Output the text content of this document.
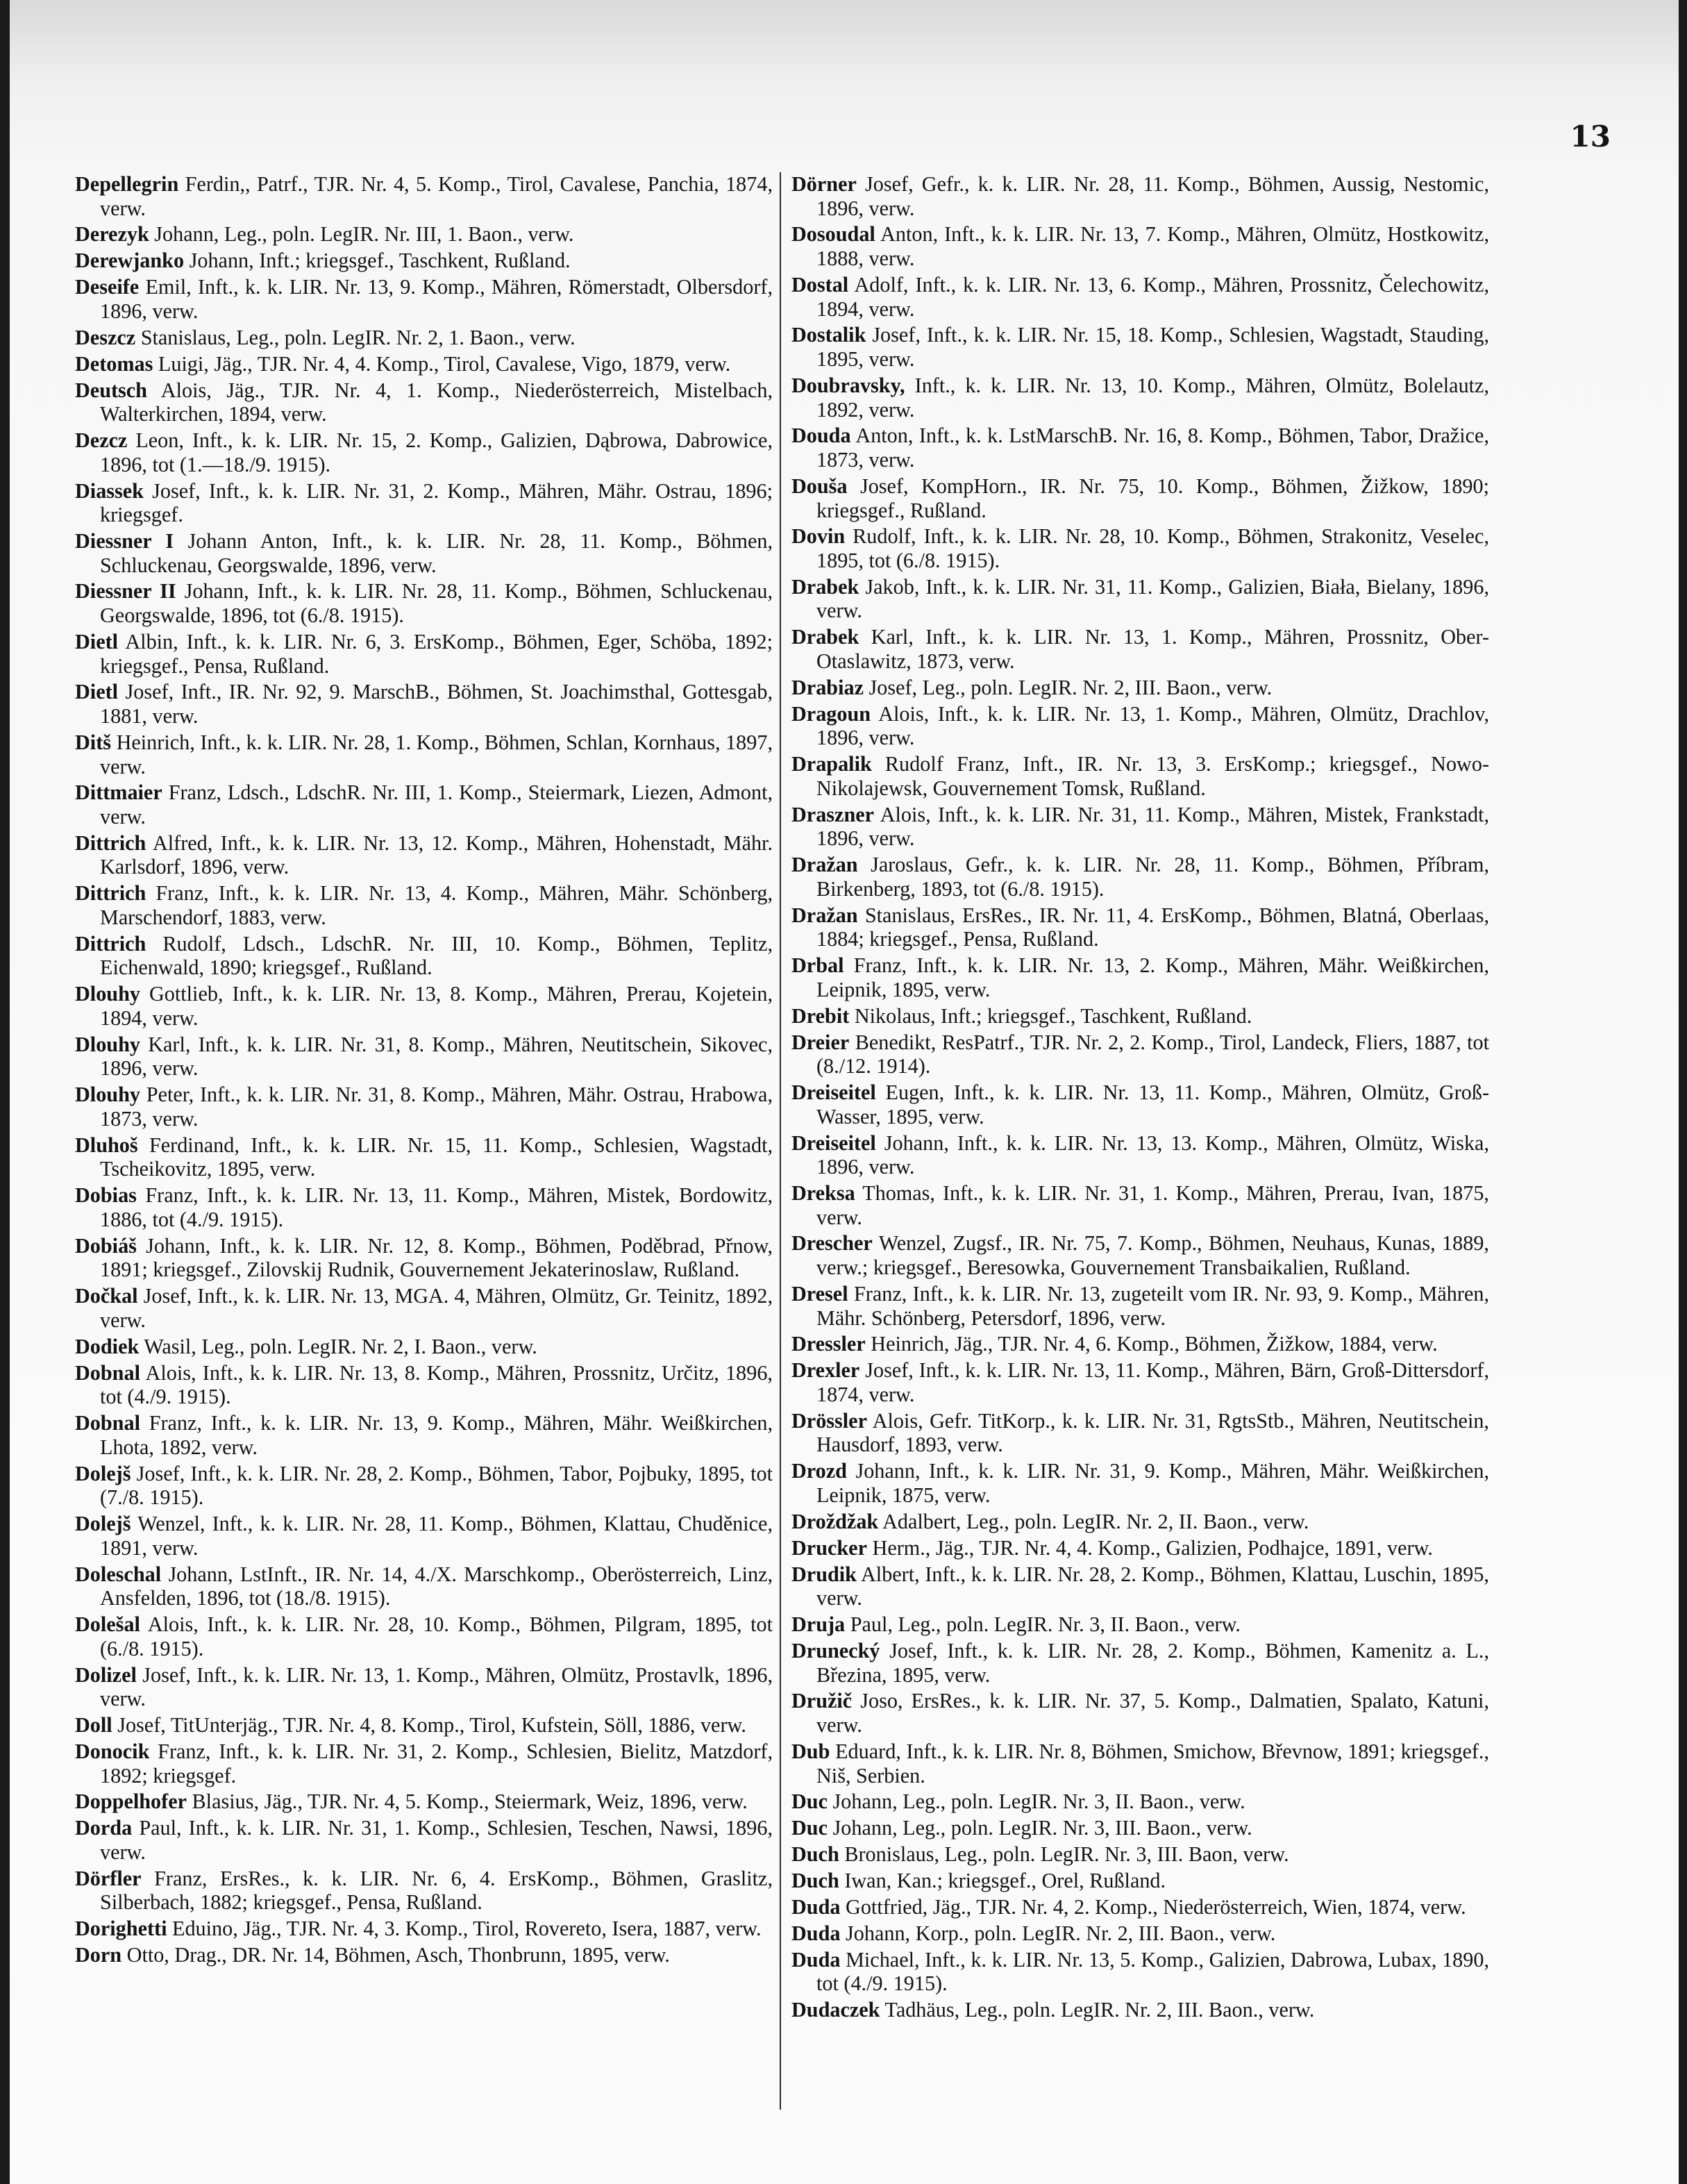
13

Depellegrin Ferdin,, Patrf., TJR. Nr. 4, 5. Komp., Tirol, Cavalese, Panchia, 1874, verw.

Derezyk Johann, Leg., poln. LegIR. Nr. III, 1. Baon., verw.

Derewjanko Johann, Inft.; kriegsgef., Taschkent, Rußland.

Deseife Emil, Inft., k. k. LIR. Nr. 13, 9. Komp., Mähren, Römerstadt, Olbersdorf, 1896, verw.

Deszcz Stanislaus, Leg., poln. LegIR. Nr. 2, 1. Baon., verw.

Detomas Luigi, Jäg., TJR. Nr. 4, 4. Komp., Tirol, Cavalese, Vigo, 1879, verw.

Deutsch Alois, Jäg., TJR. Nr. 4, 1. Komp., Niederösterreich, Mistelbach, Walterkirchen, 1894, verw.

Dezcz Leon, Inft., k. k. LIR. Nr. 15, 2. Komp., Galizien, Dąbrowa, Dabrowice, 1896, tot (1.—18./9. 1915).

Diassek Josef, Inft., k. k. LIR. Nr. 31, 2. Komp., Mähren, Mähr. Ostrau, 1896; kriegsgef.

Diessner I Johann Anton, Inft., k. k. LIR. Nr. 28, 11. Komp., Böhmen, Schluckenau, Georgswalde, 1896, verw.

Diessner II Johann, Inft., k. k. LIR. Nr. 28, 11. Komp., Böhmen, Schluckenau, Georgswalde, 1896, tot (6./8. 1915).

Dietl Albin, Inft., k. k. LIR. Nr. 6, 3. ErsKomp., Böhmen, Eger, Schöba, 1892; kriegsgef., Pensa, Rußland.

Dietl Josef, Inft., IR. Nr. 92, 9. MarschB., Böhmen, St. Joachimsthal, Gottesgab, 1881, verw.

Ditš Heinrich, Inft., k. k. LIR. Nr. 28, 1. Komp., Böhmen, Schlan, Kornhaus, 1897, verw.

Dittmaier Franz, Ldsch., LdschR. Nr. III, 1. Komp., Steiermark, Liezen, Admont, verw.

Dittrich Alfred, Inft., k. k. LIR. Nr. 13, 12. Komp., Mähren, Hohenstadt, Mähr. Karlsdorf, 1896, verw.

Dittrich Franz, Inft., k. k. LIR. Nr. 13, 4. Komp., Mähren, Mähr. Schönberg, Marschendorf, 1883, verw.

Dittrich Rudolf, Ldsch., LdschR. Nr. III, 10. Komp., Böhmen, Teplitz, Eichenwald, 1890; kriegsgef., Rußland.

Dlouhy Gottlieb, Inft., k. k. LIR. Nr. 13, 8. Komp., Mähren, Prerau, Kojetein, 1894, verw.

Dlouhy Karl, Inft., k. k. LIR. Nr. 31, 8. Komp., Mähren, Neutitschein, Sikovec, 1896, verw.

Dlouhy Peter, Inft., k. k. LIR. Nr. 31, 8. Komp., Mähren, Mähr. Ostrau, Hrabowa, 1873, verw.

Dluhoš Ferdinand, Inft., k. k. LIR. Nr. 15, 11. Komp., Schlesien, Wagstadt, Tscheikovitz, 1895, verw.

Dobias Franz, Inft., k. k. LIR. Nr. 13, 11. Komp., Mähren, Mistek, Bordowitz, 1886, tot (4./9. 1915).

Dobiáš Johann, Inft., k. k. LIR. Nr. 12, 8. Komp., Böhmen, Poděbrad, Přnow, 1891; kriegsgef., Zilovskij Rudnik, Gouvernement Jekaterinoslaw, Rußland.

Dočkal Josef, Inft., k. k. LIR. Nr. 13, MGA. 4, Mähren, Olmütz, Gr. Teinitz, 1892, verw.

Dodiek Wasil, Leg., poln. LegIR. Nr. 2, I. Baon., verw.

Dobnal Alois, Inft., k. k. LIR. Nr. 13, 8. Komp., Mähren, Prossnitz, Určitz, 1896, tot (4./9. 1915).

Dobnal Franz, Inft., k. k. LIR. Nr. 13, 9. Komp., Mähren, Mähr. Weißkirchen, Lhota, 1892, verw.

Dolejš Josef, Inft., k. k. LIR. Nr. 28, 2. Komp., Böhmen, Tabor, Pojbuky, 1895, tot (7./8. 1915).

Dolejš Wenzel, Inft., k. k. LIR. Nr. 28, 11. Komp., Böhmen, Klattau, Chuděnice, 1891, verw.

Doleschal Johann, LstInft., IR. Nr. 14, 4./X. Marschkomp., Oberösterreich, Linz, Ansfelden, 1896, tot (18./8. 1915).

Dolešal Alois, Inft., k. k. LIR. Nr. 28, 10. Komp., Böhmen, Pilgram, 1895, tot (6./8. 1915).

Dolizel Josef, Inft., k. k. LIR. Nr. 13, 1. Komp., Mähren, Olmütz, Prostavlk, 1896, verw.

Doll Josef, TitUnterjäg., TJR. Nr. 4, 8. Komp., Tirol, Kufstein, Söll, 1886, verw.

Donocik Franz, Inft., k. k. LIR. Nr. 31, 2. Komp., Schlesien, Bielitz, Matzdorf, 1892; kriegsgef.

Doppelhofer Blasius, Jäg., TJR. Nr. 4, 5. Komp., Steiermark, Weiz, 1896, verw.

Dorda Paul, Inft., k. k. LIR. Nr. 31, 1. Komp., Schlesien, Teschen, Nawsi, 1896, verw.

Dörfler Franz, ErsRes., k. k. LIR. Nr. 6, 4. ErsKomp., Böhmen, Graslitz, Silberbach, 1882; kriegsgef., Pensa, Rußland.

Dorighetti Eduino, Jäg., TJR. Nr. 4, 3. Komp., Tirol, Rovereto, Isera, 1887, verw.

Dorn Otto, Drag., DR. Nr. 14, Böhmen, Asch, Thonbrunn, 1895, verw.

Dörner Josef, Gefr., k. k. LIR. Nr. 28, 11. Komp., Böhmen, Aussig, Nestomic, 1896, verw.

Dosoudal Anton, Inft., k. k. LIR. Nr. 13, 7. Komp., Mähren, Olmütz, Hostkowitz, 1888, verw.

Dostal Adolf, Inft., k. k. LIR. Nr. 13, 6. Komp., Mähren, Prossnitz, Čelechowitz, 1894, verw.

Dostalik Josef, Inft., k. k. LIR. Nr. 15, 18. Komp., Schlesien, Wagstadt, Stauding, 1895, verw.

Doubravsky, Inft., k. k. LIR. Nr. 13, 10. Komp., Mähren, Olmütz, Bolelautz, 1892, verw.

Douda Anton, Inft., k. k. LstMarschB. Nr. 16, 8. Komp., Böhmen, Tabor, Dražice, 1873, verw.

Douša Josef, KompHorn., IR. Nr. 75, 10. Komp., Böhmen, Žižkow, 1890; kriegsgef., Rußland.

Dovin Rudolf, Inft., k. k. LIR. Nr. 28, 10. Komp., Böhmen, Strakonitz, Veselec, 1895, tot (6./8. 1915).

Drabek Jakob, Inft., k. k. LIR. Nr. 31, 11. Komp., Galizien, Biała, Bielany, 1896, verw.

Drabek Karl, Inft., k. k. LIR. Nr. 13, 1. Komp., Mähren, Prossnitz, Ober-Otaslawitz, 1873, verw.

Drabiaz Josef, Leg., poln. LegIR. Nr. 2, III. Baon., verw.

Dragoun Alois, Inft., k. k. LIR. Nr. 13, 1. Komp., Mähren, Olmütz, Drachlov, 1896, verw.

Drapalik Rudolf Franz, Inft., IR. Nr. 13, 3. ErsKomp.; kriegsgef., Nowo-Nikolajewsk, Gouvernement Tomsk, Rußland.

Draszner Alois, Inft., k. k. LIR. Nr. 31, 11. Komp., Mähren, Mistek, Frankstadt, 1896, verw.

Dražan Jaroslaus, Gefr., k. k. LIR. Nr. 28, 11. Komp., Böhmen, Příbram, Birkenberg, 1893, tot (6./8. 1915).

Dražan Stanislaus, ErsRes., IR. Nr. 11, 4. ErsKomp., Böhmen, Blatná, Oberlaas, 1884; kriegsgef., Pensa, Rußland.

Drbal Franz, Inft., k. k. LIR. Nr. 13, 2. Komp., Mähren, Mähr. Weißkirchen, Leipnik, 1895, verw.

Drebit Nikolaus, Inft.; kriegsgef., Taschkent, Rußland.

Dreier Benedikt, ResPatrf., TJR. Nr. 2, 2. Komp., Tirol, Landeck, Fliers, 1887, tot (8./12. 1914).

Dreiseitel Eugen, Inft., k. k. LIR. Nr. 13, 11. Komp., Mähren, Olmütz, Groß-Wasser, 1895, verw.

Dreiseitel Johann, Inft., k. k. LIR. Nr. 13, 13. Komp., Mähren, Olmütz, Wiska, 1896, verw.

Dreksa Thomas, Inft., k. k. LIR. Nr. 31, 1. Komp., Mähren, Prerau, Ivan, 1875, verw.

Drescher Wenzel, Zugsf., IR. Nr. 75, 7. Komp., Böhmen, Neuhaus, Kunas, 1889, verw.; kriegsgef., Beresowka, Gouvernement Transbaikalien, Rußland.

Dresel Franz, Inft., k. k. LIR. Nr. 13, zugeteilt vom IR. Nr. 93, 9. Komp., Mähren, Mähr. Schönberg, Petersdorf, 1896, verw.

Dressler Heinrich, Jäg., TJR. Nr. 4, 6. Komp., Böhmen, Žižkow, 1884, verw.

Drexler Josef, Inft., k. k. LIR. Nr. 13, 11. Komp., Mähren, Bärn, Groß-Dittersdorf, 1874, verw.

Drössler Alois, Gefr. TitKorp., k. k. LIR. Nr. 31, RgtsStb., Mähren, Neutitschein, Hausdorf, 1893, verw.

Drozd Johann, Inft., k. k. LIR. Nr. 31, 9. Komp., Mähren, Mähr. Weißkirchen, Leipnik, 1875, verw.

Droždžak Adalbert, Leg., poln. LegIR. Nr. 2, II. Baon., verw.

Drucker Herm., Jäg., TJR. Nr. 4, 4. Komp., Galizien, Podhajce, 1891, verw.

Drudik Albert, Inft., k. k. LIR. Nr. 28, 2. Komp., Böhmen, Klattau, Luschin, 1895, verw.

Druja Paul, Leg., poln. LegIR. Nr. 3, II. Baon., verw.

Drunecký Josef, Inft., k. k. LIR. Nr. 28, 2. Komp., Böhmen, Kamenitz a. L., Březina, 1895, verw.

Družič Joso, ErsRes., k. k. LIR. Nr. 37, 5. Komp., Dalmatien, Spalato, Katuni, verw.

Dub Eduard, Inft., k. k. LIR. Nr. 8, Böhmen, Smichow, Břevnow, 1891; kriegsgef., Niš, Serbien.

Duc Johann, Leg., poln. LegIR. Nr. 3, II. Baon., verw.

Duc Johann, Leg., poln. LegIR. Nr. 3, III. Baon., verw.

Duch Bronislaus, Leg., poln. LegIR. Nr. 3, III. Baon, verw.

Duch Iwan, Kan.; kriegsgef., Orel, Rußland.

Duda Gottfried, Jäg., TJR. Nr. 4, 2. Komp., Niederösterreich, Wien, 1874, verw.

Duda Johann, Korp., poln. LegIR. Nr. 2, III. Baon., verw.

Duda Michael, Inft., k. k. LIR. Nr. 13, 5. Komp., Galizien, Dabrowa, Lubax, 1890, tot (4./9. 1915).

Dudaczek Tadhäus, Leg., poln. LegIR. Nr. 2, III. Baon., verw.
